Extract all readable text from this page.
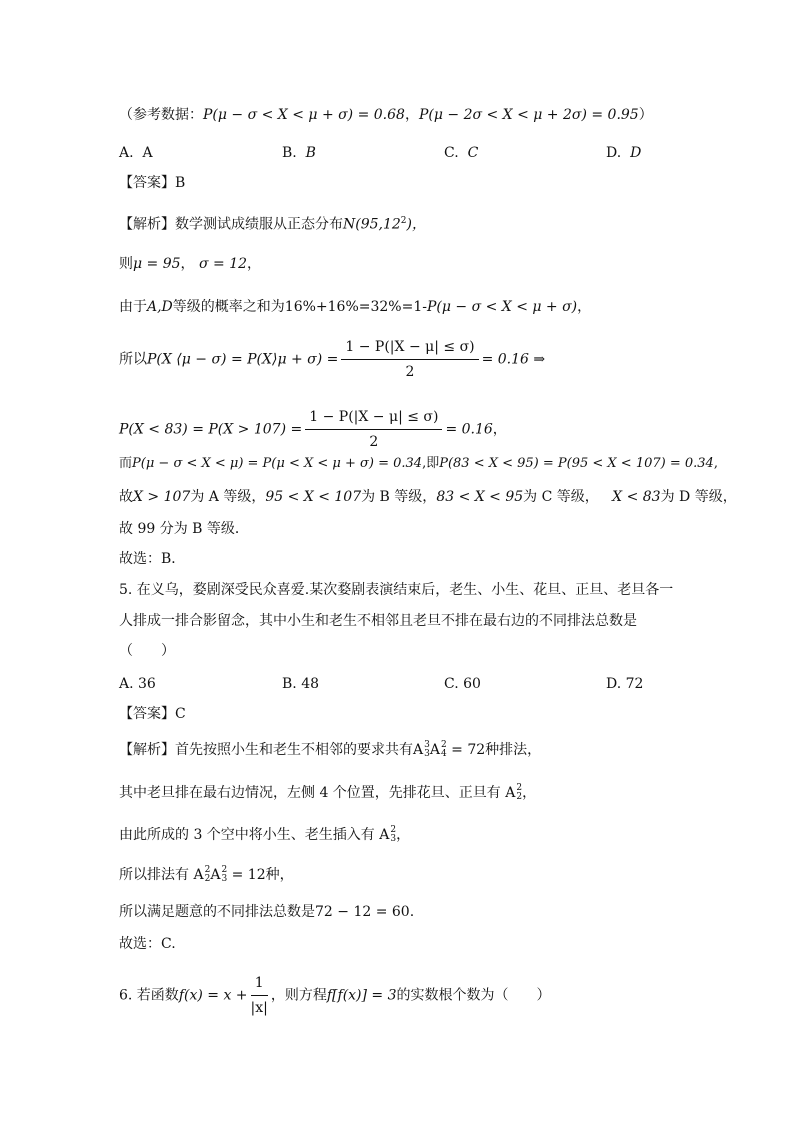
（参考数据：P(μ − σ < X < μ + σ) = 0.68，P(μ − 2σ < X < μ + 2σ) = 0.95）
A. A	B. B	C. C	D. D
【答案】B
【解析】数学测试成绩服从正态分布N(95,12$^2$)，
则μ = 95， σ = 12，
由于A,D等级的概率之和为16%+16%=32%=1-P(μ − σ < X < μ + σ)，
所以P(X ⟨μ − σ) = P(X⟩μ + $\sigma) = \frac{1 - P(|X - \mu| \le \sigma)}{2} = 0.16$ ⇒
$P(X < 83) = P(X > 107) = \frac{1 - P(|X - \mu| \le \sigma)}{2} = 0.16$，
而P(μ − σ < X < μ) = P(μ < X < μ + σ) = 0.34,即P(83 < X < 95) = P(95 < X < 107) = 0.34,
故X > 107为 A 等级，95 < X < 107为 B 等级，83 < X < 95为 C 等级， X < 83为 D 等级，
故 99 分为 B 等级．
故选：B．
5. 在义乌，婺剧深受民众喜爱.某次婺剧表演结束后，老生、小生、花旦、正旦、老旦各一
人排成一排合影留念，其中小生和老生不相邻且老旦不排在最右边的不同排法总数是
（　　）
A. 36	B. 48	C. 60	D. 72
【答案】C
【解析】首先按照小生和老生不相邻的要求共有A 3
3 A 2
4 = 72种排法，
其中老旦排在最右边情况，左侧 4 个位置，先排花旦、正旦有 A 2
2 ，
由此所成的 3 个空中将小生、老生插入有 A 2
3 ，
所以排法有 A 2
2 A 2
3 = 12种，
所以满足题意的不同排法总数是72 − 12 = 60.
故选：C.
6. 若函数$f(x) = x + \frac{1}{|x|}$ ，则方程f[f(x)] = 3的实数根个数为（　　）
